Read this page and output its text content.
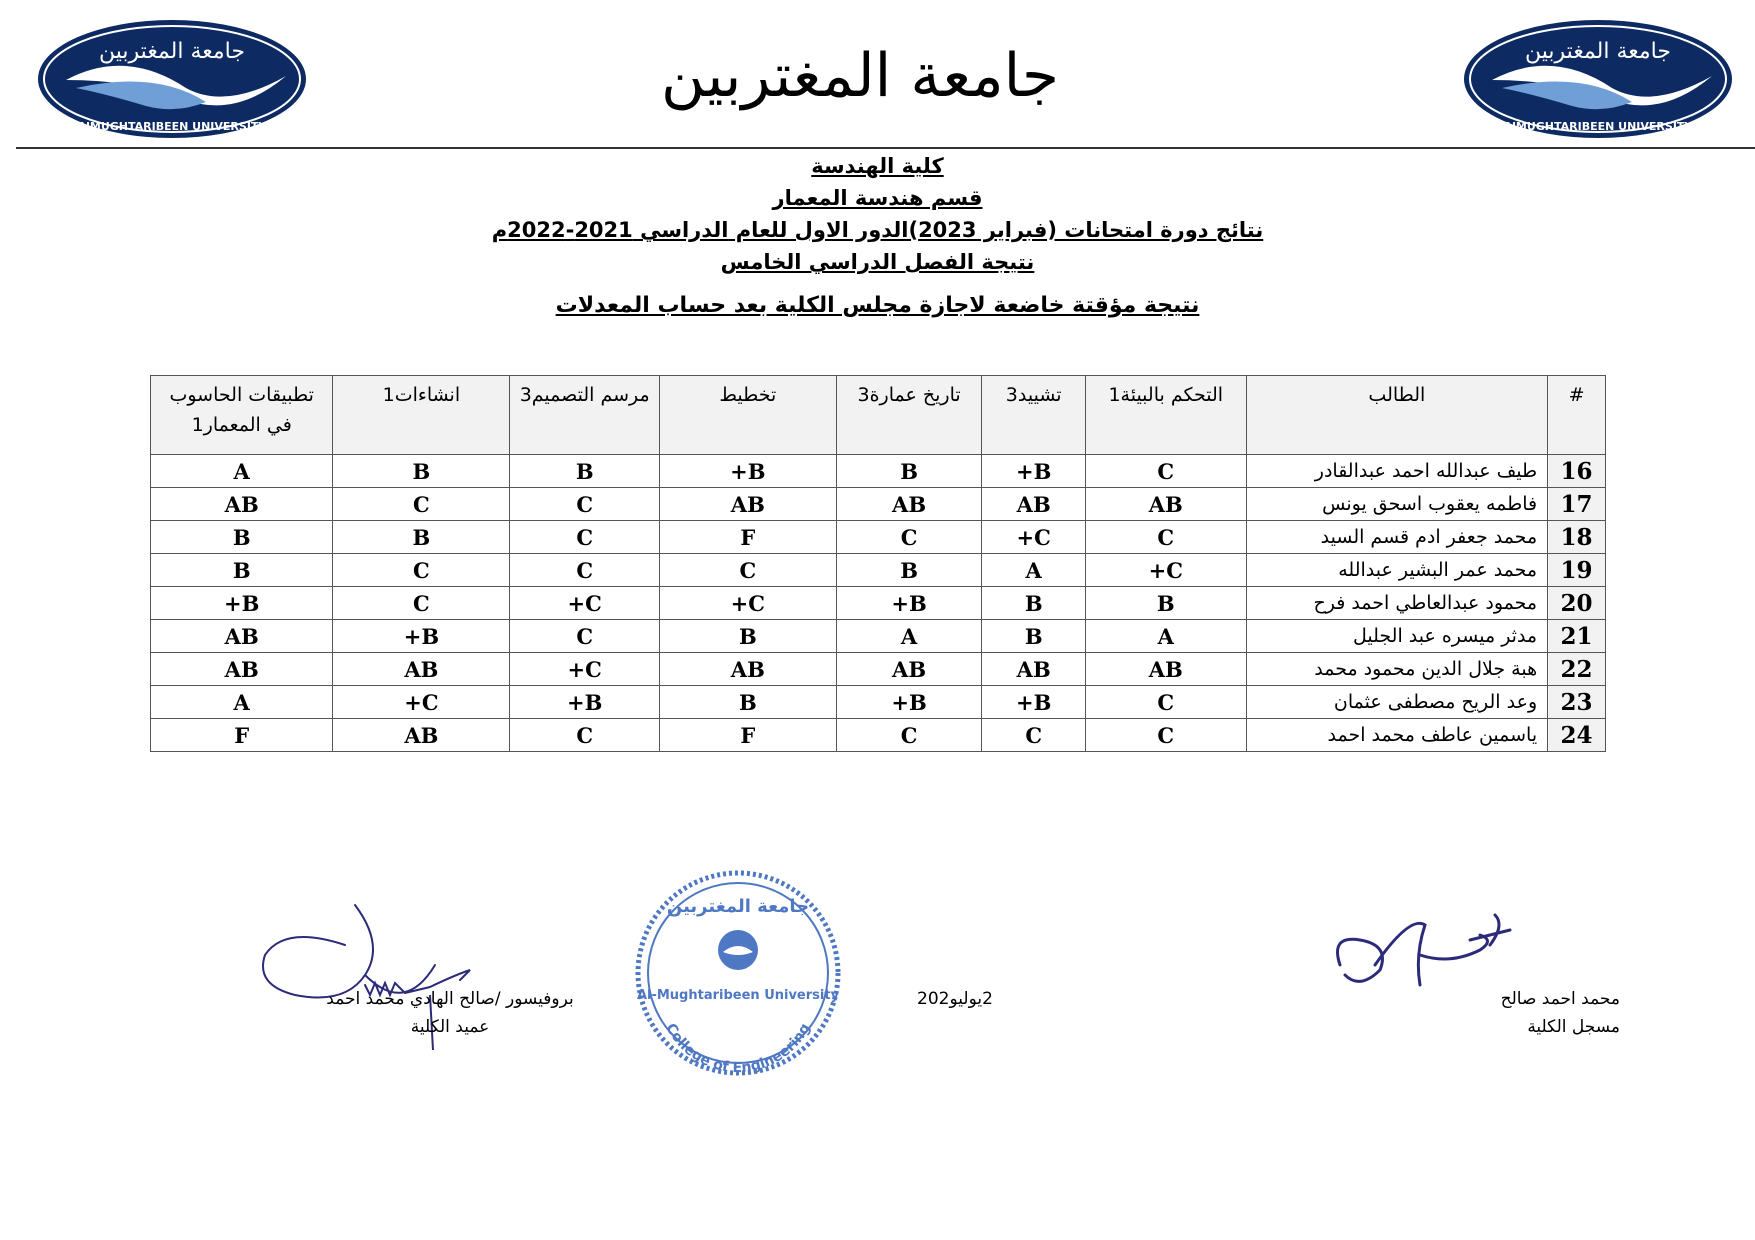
جامعة المغتربين
AlMUGHTARIBEEN UNIVERSITY
جامعة المغتربين	جامعة المغتربين
AlMUGHTARIBEEN UNIVERSITY

كلية الهندسة

قسم هندسة المعمار

نتائج دورة امتحانات (فبراير 2023)الدور الاول للعام الدراسي 2021-2022م

نتيجة الفصل الدراسي الخامس

نتيجة مؤقتة خاضعة لاجازة مجلس الكلية بعد حساب المعدلات

#	الطالب	التحكم بالبيئة1	تشييد3	تاريخ عمارة3	تخطيط	مرسم التصميم3	انشاءات1	تطبيقات الحاسوب في المعمار1
16	طيف عبدالله احمد عبدالقادر	C	B+	B	B+	B	B	A
17	فاطمه يعقوب اسحق يونس	AB	AB	AB	AB	C	C	AB
18	محمد جعفر ادم قسم السيد	C	C+	C	F	C	B	B
19	محمد عمر البشير عبدالله	C+	A	B	C	C	C	B
20	محمود عبدالعاطي احمد فرح	B	B	B+	C+	C+	C	B+
21	مدثر ميسره عبد الجليل	A	B	A	B	C	B+	AB
22	هبة جلال الدين محمود محمد	AB	AB	AB	AB	C+	AB	AB
23	وعد الريح مصطفى عثمان	C	B+	B+	B	B+	C+	A
24	ياسمين عاطف محمد احمد	C	C	C	F	C	AB	F
محمد احمد صالح
مسجل الكلية
جامعة المغتربين
Al-Mughtaribeen University
College of Engineering
2يوليو202
بروفيسور /صالح الهادي محمد احمد
عميد الكلية
